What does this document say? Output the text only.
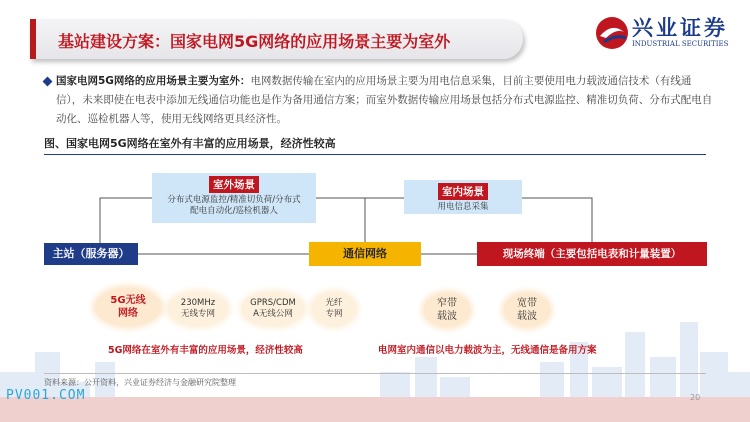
基站建设方案：国家电网5G网络的应用场景主要为室外
兴业证券
INDUSTRIAL SECURITIES
国家电网5G网络的应用场景主要为室外：电网数据传输在室内的应用场景主要为用电信息采集，目前主要使用电力载波通信技术（有线通信），未来即使在电表中添加无线通信功能也是作为备用通信方案；而室外数据传输应用场景包括分布式电源监控、精准切负荷、分布式配电自动化、巡检机器人等，使用无线网络更具经济性。
图、国家电网5G网络在室外有丰富的应用场景，经济性较高
室外场景
分布式电源监控/精准切负荷/分布式
配电自动化/巡检机器人
室内场景
用电信息采集
主站（服务器）	通信网络	现场终端（主要包括电表和计量装置）
5G无线
网络
230MHz
无线专网
GPRS/CDM
A无线公网
光纤
专网
窄带
载波
宽带
载波
5G网络在室外有丰富的应用场景，经济性较高	电网室内通信以电力载波为主，无线通信是备用方案
资料来源：公开资料，兴业证券经济与金融研究院整理
PV001.COM	20
